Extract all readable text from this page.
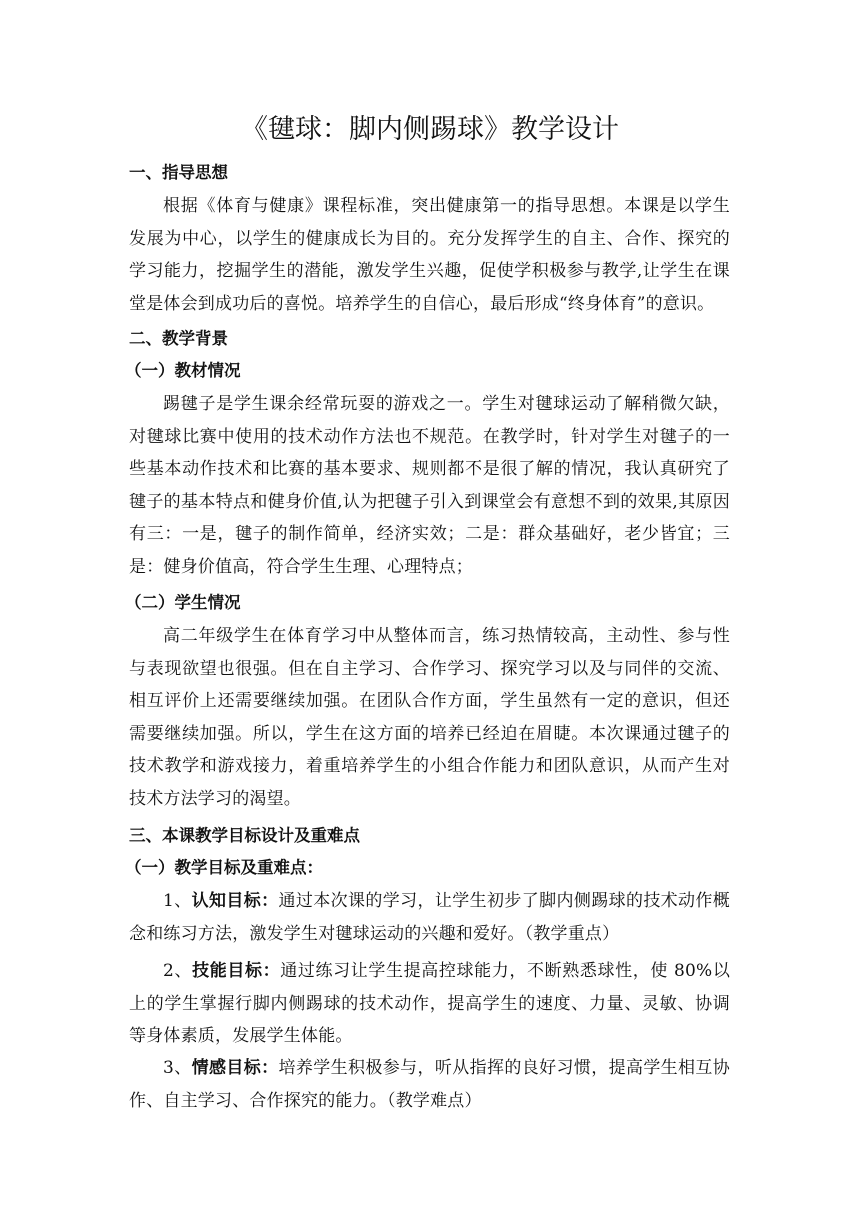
《毽球：脚内侧踢球》教学设计
一、指导思想
根据《体育与健康》课程标准，突出健康第一的指导思想。本课是以学生发展为中心，以学生的健康成长为目的。充分发挥学生的自主、合作、探究的学习能力，挖掘学生的潜能，激发学生兴趣，促使学积极参与教学,让学生在课堂是体会到成功后的喜悦。培养学生的自信心，最后形成“终身体育”的意识。
二、教学背景
（一）教材情况
踢毽子是学生课余经常玩耍的游戏之一。学生对毽球运动了解稍微欠缺，对毽球比赛中使用的技术动作方法也不规范。在教学时，针对学生对毽子的一些基本动作技术和比赛的基本要求、规则都不是很了解的情况，我认真研究了毽子的基本特点和健身价值,认为把毽子引入到课堂会有意想不到的效果,其原因有三：一是，毽子的制作简单，经济实效；二是：群众基础好，老少皆宜；三是：健身价值高，符合学生生理、心理特点；
（二）学生情况
高二年级学生在体育学习中从整体而言，练习热情较高，主动性、参与性与表现欲望也很强。但在自主学习、合作学习、探究学习以及与同伴的交流、相互评价上还需要继续加强。在团队合作方面，学生虽然有一定的意识，但还需要继续加强。所以，学生在这方面的培养已经迫在眉睫。本次课通过毽子的技术教学和游戏接力，着重培养学生的小组合作能力和团队意识，从而产生对技术方法学习的渴望。
三、本课教学目标设计及重难点
（一）教学目标及重难点：
1、认知目标：通过本次课的学习，让学生初步了脚内侧踢球的技术动作概念和练习方法，激发学生对毽球运动的兴趣和爱好。（教学重点）
2、技能目标：通过练习让学生提高控球能力，不断熟悉球性，使 80%以上的学生掌握行脚内侧踢球的技术动作，提高学生的速度、力量、灵敏、协调等身体素质，发展学生体能。
3、情感目标：培养学生积极参与，听从指挥的良好习惯，提高学生相互协作、自主学习、合作探究的能力。（教学难点）
